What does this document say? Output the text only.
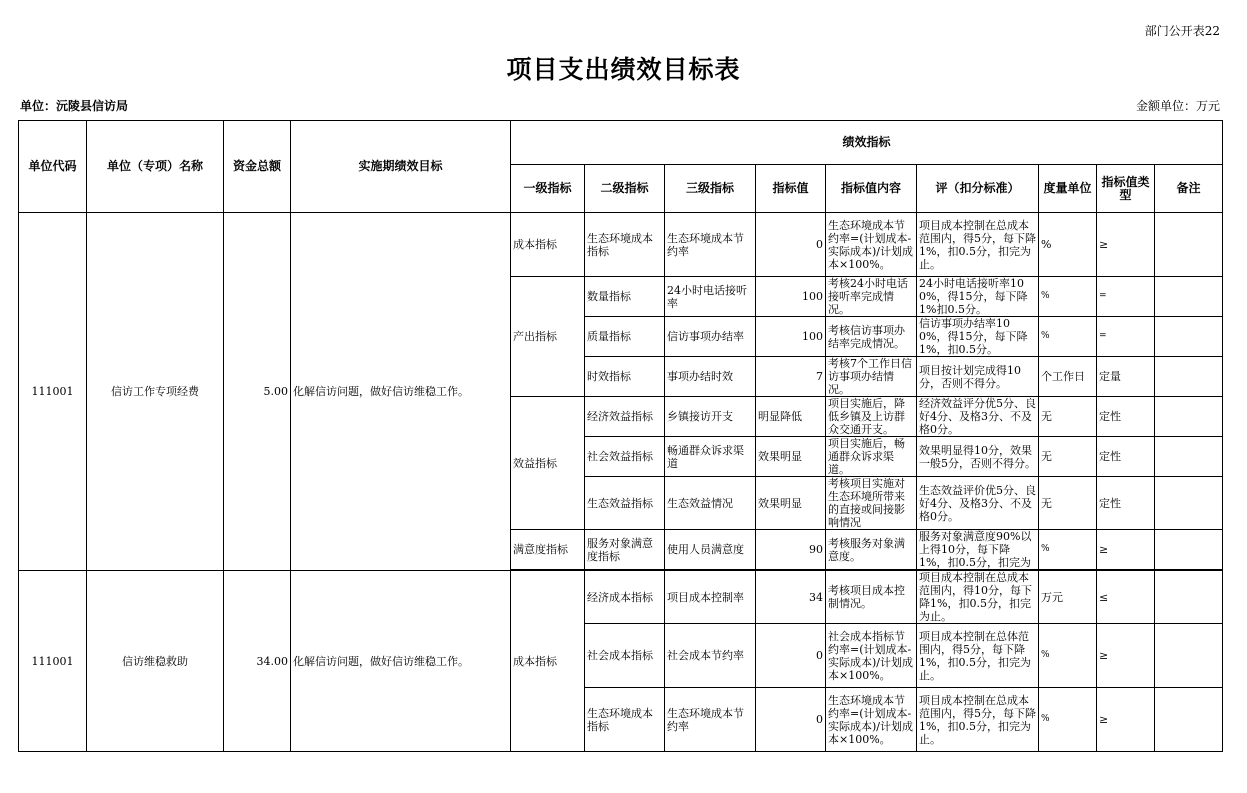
部门公开表22
项目支出绩效目标表
单位：沅陵县信访局	金额单位：万元
单位代码	单位（专项）名称	资金总额	实施期绩效目标	绩效指标								
				一级指标	二级指标	三级指标	指标值	指标值内容	评（扣分标准）	度量单位	指标值类型	备注
111001	信访工作专项经费	5.00	化解信访问题，做好信访维稳工作。	成本指标	生态环境成本指标	生态环境成本节约率	0	生态环境成本节约率=(计划成本-实际成本)/计划成本×100%。	项目成本控制在总成本范围内，得5分，每下降1%，扣0.5分，扣完为止。	%	≥	
				产出指标	数量指标	24小时电话接听率	100	考核24小时电话接听率完成情况。	24小时电话接听率100%，得15分，每下降1%扣0.5分。	%	=	
					质量指标	信访事项办结率	100	考核信访事项办结率完成情况。	信访事项办结率100%，得15分，每下降1%，扣0.5分。	%	=	
					时效指标	事项办结时效	7	考核7个工作日信访事项办结情况。	项目按计划完成得10分，否则不得分。	个工作日	定量	
				效益指标	经济效益指标	乡镇接访开支	明显降低	项目实施后，降低乡镇及上访群众交通开支。	经济效益评分优5分、良好4分、及格3分、不及格0分。	无	定性	
					社会效益指标	畅通群众诉求渠道	效果明显	项目实施后，畅通群众诉求渠道。	效果明显得10分，效果一般5分，否则不得分。	无	定性	
					生态效益指标	生态效益情况	效果明显	考核项目实施对生态环境所带来的直接或间接影响情况	生态效益评价优5分、良好4分、及格3分、不及格0分。	无	定性	
				满意度指标	服务对象满意度指标	使用人员满意度	90	考核服务对象满意度。	服务对象满意度90%以上得10分，每下降1%，扣0.5分，扣完为	%	≥	

111001	信访维稳救助	34.00	化解信访问题，做好信访维稳工作。	成本指标	经济成本指标	项目成本控制率	34	考核项目成本控制情况。	项目成本控制在总成本范围内，得10分，每下降1%，扣0.5分，扣完为止。	万元	≤	
					社会成本指标	社会成本节约率	0	社会成本指标节约率=(计划成本-实际成本)/计划成本×100%。	项目成本控制在总体范围内，得5分，每下降1%，扣0.5分，扣完为止。	%	≥	
					生态环境成本指标	生态环境成本节约率	0	生态环境成本节约率=(计划成本-实际成本)/计划成本×100%。	项目成本控制在总成本范围内，得5分，每下降1%，扣0.5分，扣完为止。	%	≥	
